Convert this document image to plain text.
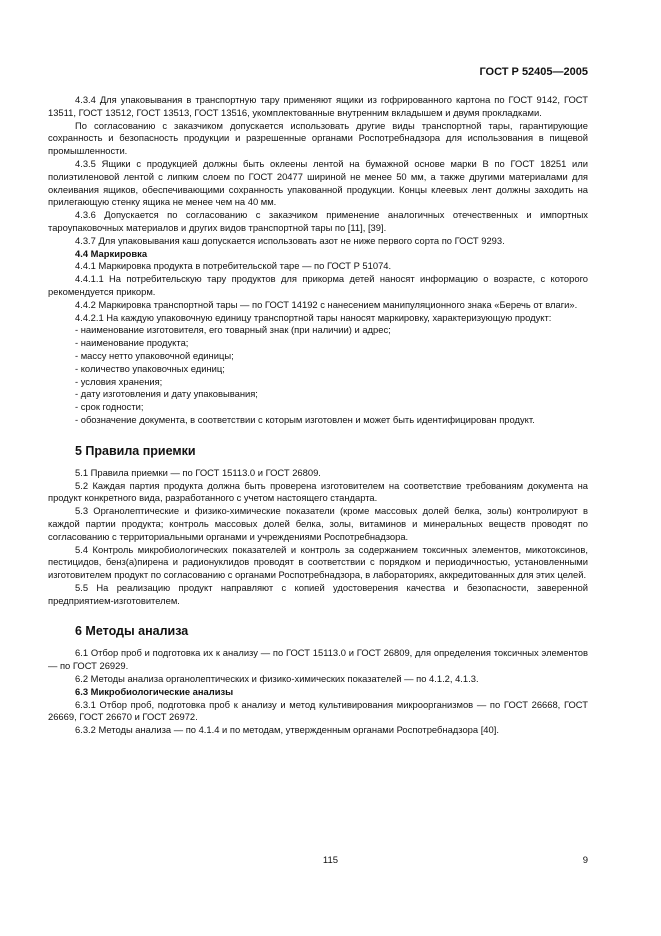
ГОСТ Р 52405—2005

4.3.4 Для упаковывания в транспортную тару применяют ящики из гофрированного картона по ГОСТ 9142, ГОСТ 13511, ГОСТ 13512, ГОСТ 13513, ГОСТ 13516, укомплектованные внутренним вкладышем и двумя прокладками.

По согласованию с заказчиком допускается использовать другие виды транспортной тары, гарантирующие сохранность и безопасность продукции и разрешенные органами Роспотребнадзора для использования в пищевой промышленности.

4.3.5 Ящики с продукцией должны быть оклеены лентой на бумажной основе марки В по ГОСТ 18251 или полиэтиленовой лентой с липким слоем по ГОСТ 20477 шириной не менее 50 мм, а также другими материалами для оклеивания ящиков, обеспечивающими сохранность упакованной продукции. Концы клеевых лент должны заходить на прилегающую стенку ящика не менее чем на 40 мм.

4.3.6 Допускается по согласованию с заказчиком применение аналогичных отечественных и импортных тароупаковочных материалов и других видов транспортной тары по [11], [39].

4.3.7 Для упаковывания каш допускается использовать азот не ниже первого сорта по ГОСТ 9293.

4.4 Маркировка

4.4.1 Маркировка продукта в потребительской таре — по ГОСТ Р 51074.

4.4.1.1 На потребительскую тару продуктов для прикорма детей наносят информацию о возрасте, с которого рекомендуется прикорм.

4.4.2 Маркировка транспортной тары — по ГОСТ 14192 с нанесением манипуляционного знака «Беречь от влаги».

4.4.2.1 На каждую упаковочную единицу транспортной тары наносят маркировку, характеризующую продукт:

- наименование изготовителя, его товарный знак (при наличии) и адрес;

- наименование продукта;

- массу нетто упаковочной единицы;

- количество упаковочных единиц;

- условия хранения;

- дату изготовления и дату упаковывания;

- срок годности;

- обозначение документа, в соответствии с которым изготовлен и может быть идентифицирован продукт.

5 Правила приемки

5.1 Правила приемки — по ГОСТ 15113.0 и ГОСТ 26809.

5.2 Каждая партия продукта должна быть проверена изготовителем на соответствие требованиям документа на продукт конкретного вида, разработанного с учетом настоящего стандарта.

5.3 Органолептические и физико-химические показатели (кроме массовых долей белка, золы) контролируют в каждой партии продукта; контроль массовых долей белка, золы, витаминов и минеральных веществ проводят по согласованию с территориальными органами и учреждениями Роспотребнадзора.

5.4 Контроль микробиологических показателей и контроль за содержанием токсичных элементов, микотоксинов, пестицидов, бенз(а)пирена и радионуклидов проводят в соответствии с порядком и периодичностью, установленными изготовителем продукт по согласованию с органами Роспотребнадзора, в лабораториях, аккредитованных для этих целей.

5.5 На реализацию продукт направляют с копией удостоверения качества и безопасности, заверенной предприятием-изготовителем.

6 Методы анализа

6.1 Отбор проб и подготовка их к анализу — по ГОСТ 15113.0 и ГОСТ 26809, для определения токсичных элементов — по ГОСТ 26929.

6.2 Методы анализа органолептических и физико-химических показателей — по 4.1.2, 4.1.3.

6.3 Микробиологические анализы

6.3.1 Отбор проб, подготовка проб к анализу и метод культивирования микроорганизмов — по ГОСТ 26668, ГОСТ 26669, ГОСТ 26670 и ГОСТ 26972.

6.3.2 Методы анализа — по 4.1.4 и по методам, утвержденным органами Роспотребнадзора [40].

115	9
